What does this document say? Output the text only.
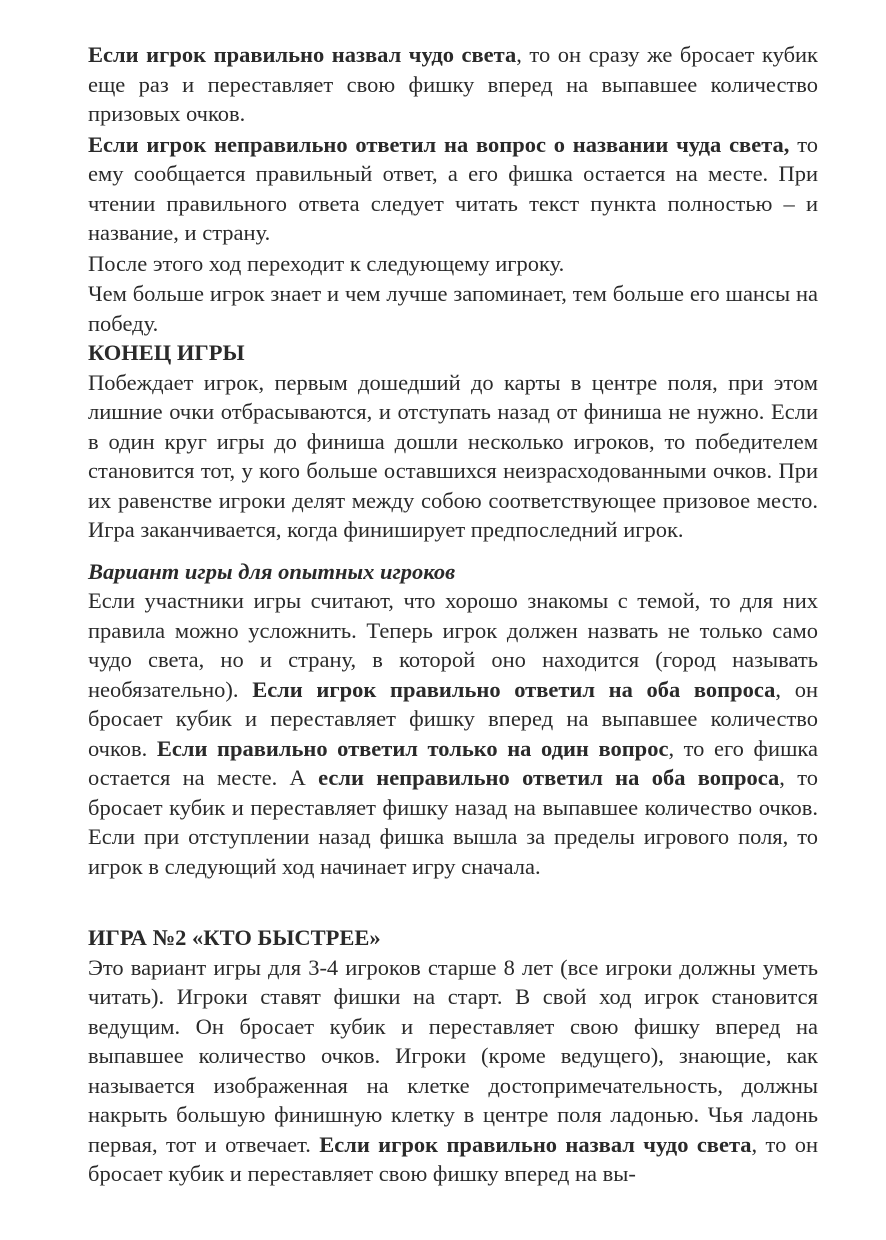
Если игрок правильно назвал чудо света, то он сразу же бросает кубик еще раз и переставляет свою фишку вперед на выпавшее количество призовых очков.

Если игрок неправильно ответил на вопрос о названии чуда света, то ему сообщается правильный ответ, а его фишка остается на месте. При чтении правильного ответа следует читать текст пункта полностью – и название, и страну.

После этого ход переходит к следующему игроку.

Чем больше игрок знает и чем лучше запоминает, тем больше его шансы на победу.

КОНЕЦ ИГРЫ

Побеждает игрок, первым дошедший до карты в центре поля, при этом лишние очки отбрасываются, и отступать назад от финиша не нужно. Если в один круг игры до финиша дошли несколько игроков, то победителем становится тот, у кого больше оставшихся неизрасходованными очков. При их равенстве игроки делят между собою соответствующее призовое место. Игра заканчивается, когда финиширует предпоследний игрок.

Вариант игры для опытных игроков

Если участники игры считают, что хорошо знакомы с темой, то для них правила можно усложнить. Теперь игрок должен назвать не только само чудо света, но и страну, в которой оно находится (город называть необязательно). Если игрок правильно ответил на оба вопроса, он бросает кубик и переставляет фишку вперед на выпавшее количество очков. Если правильно ответил только на один вопрос, то его фишка остается на месте. А если неправильно ответил на оба вопроса, то бросает кубик и переставляет фишку назад на выпавшее количество очков. Если при отступлении назад фишка вышла за пределы игрового поля, то игрок в следующий ход начинает игру сначала.

ИГРА №2 «КТО БЫСТРЕЕ»

Это вариант игры для 3-4 игроков старше 8 лет (все игроки должны уметь читать). Игроки ставят фишки на старт. В свой ход игрок становится ведущим. Он бросает кубик и переставляет свою фишку вперед на выпавшее количество очков. Игроки (кроме ведущего), знающие, как называется изображенная на клетке достопримечательность, должны накрыть большую финишную клетку в центре поля ладонью. Чья ладонь первая, тот и отвечает. Если игрок правильно назвал чудо света, то он бросает кубик и переставляет свою фишку вперед на вы-
